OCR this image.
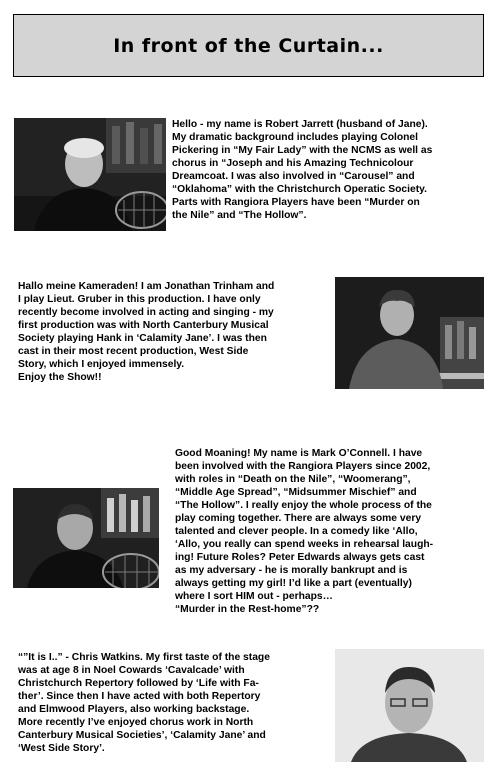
In front of the Curtain...

Hello - my name is Robert Jarrett (husband of Jane).
My dramatic background includes playing Colonel
Pickering in “My Fair Lady” with the NCMS as well as
chorus in “Joseph and his Amazing Technicolour
Dreamcoat. I was also involved in “Carousel” and
“Oklahoma” with the Christchurch Operatic Society.
Parts with Rangiora Players have been “Murder on
the Nile” and “The Hollow”.

Hallo meine Kameraden! I am Jonathan Trinham and
I play Lieut. Gruber in this production. I have only
recently become involved in acting and singing - my
first production was with North Canterbury Musical
Society playing Hank in ‘Calamity Jane’. I was then
cast in their most recent production, West Side
Story, which I enjoyed immensely.
Enjoy the Show!!

Good Moaning! My name is Mark O’Connell. I have
been involved with the Rangiora Players since 2002,
with roles in “Death on the Nile”, “Woomerang”,
“Middle Age Spread”, “Midsummer Mischief” and
“The Hollow”. I really enjoy the whole process of the
play coming together. There are always some very
talented and clever people. In a comedy like ‘Allo,
‘Allo, you really can spend weeks in rehearsal laugh-
ing! Future Roles? Peter Edwards always gets cast
as my adversary - he is morally bankrupt and is
always getting my girl! I’d like a part (eventually)
where I sort HIM out - perhaps…
“Murder in the Rest-home”??

“”It is I..” - Chris Watkins. My first taste of the stage
was at age 8 in Noel Cowards ‘Cavalcade’ with
Christchurch Repertory followed by ‘Life with Fa-
ther’. Since then I have acted with both Repertory
and Elmwood Players, also working backstage.
More recently I’ve enjoyed chorus work in North
Canterbury Musical Societies’, ‘Calamity Jane’ and
‘West Side Story’.
